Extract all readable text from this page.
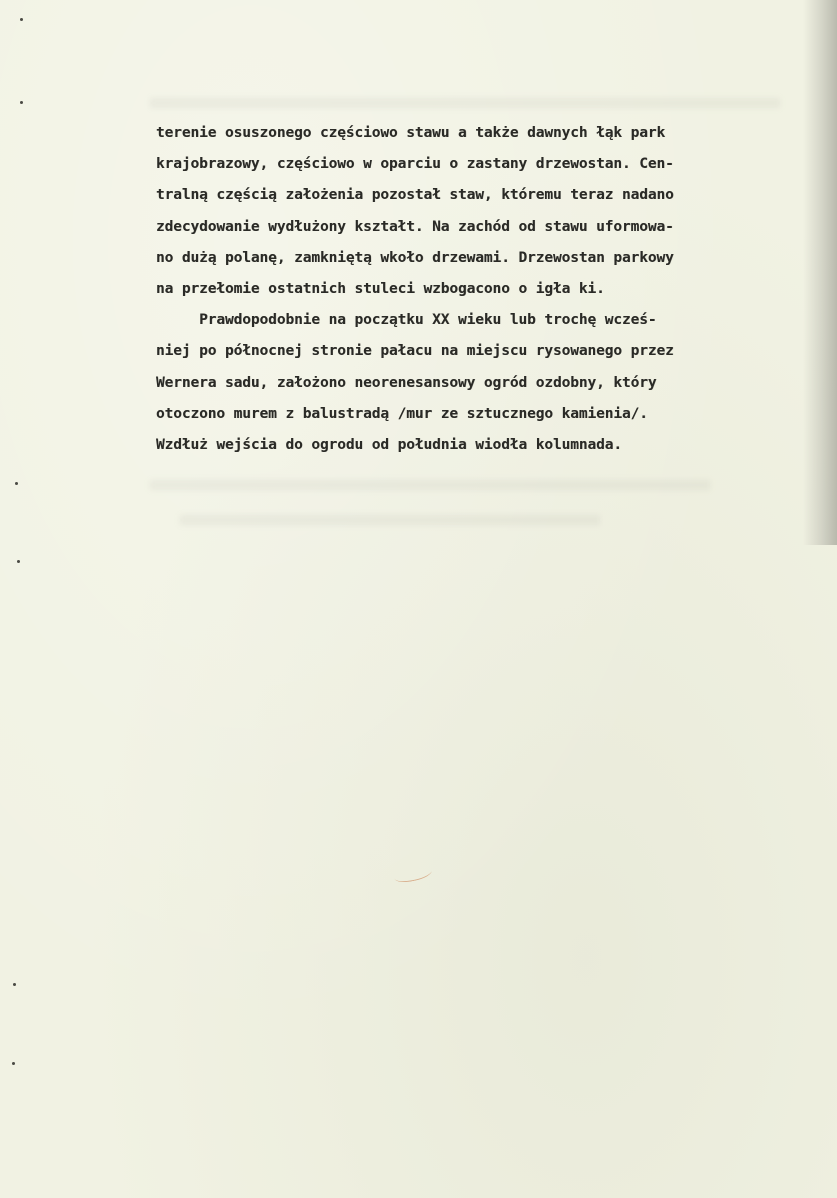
terenie osuszonego częściowo stawu a także dawnych łąk park
krajobrazowy, częściowo w oparciu o zastany drzewostan. Cen-
tralną częścią założenia pozostał staw, któremu teraz nadano
zdecydowanie wydłużony kształt. Na zachód od stawu uformowa-
no dużą polanę, zamkniętą wkoło drzewami. Drzewostan parkowy
na przełomie ostatnich stuleci wzbogacono o igła ki.
Prawdopodobnie na początku XX wieku lub trochę wcześ-
niej po północnej stronie pałacu na miejscu rysowanego przez
Wernera sadu, założono neorenesansowy ogród ozdobny, który
otoczono murem z balustradą /mur ze sztucznego kamienia/.
Wzdłuż wejścia do ogrodu od południa wiodła kolumnada.
